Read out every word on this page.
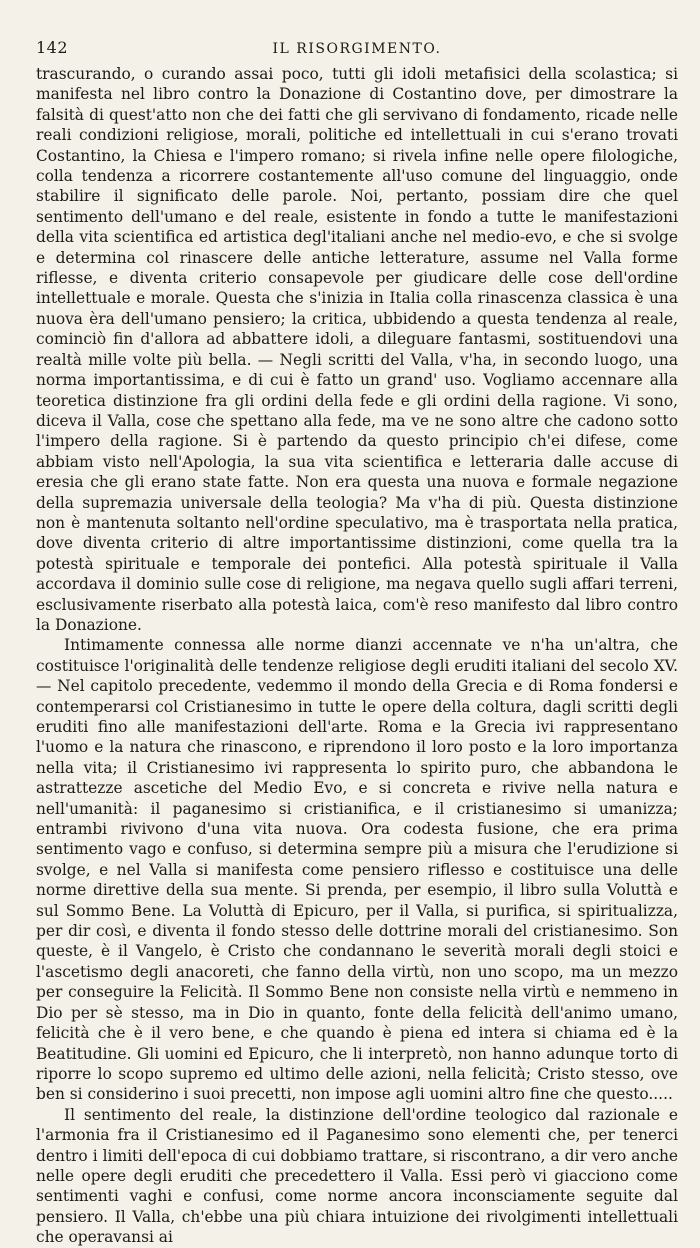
142	IL RISORGIMENTO.

trascurando, o curando assai poco, tutti gli idoli metafisici della scolastica; si manifesta nel libro contro la Donazione di Costantino dove, per dimostrare la falsità di quest'atto non che dei fatti che gli servivano di fondamento, ricade nelle reali condizioni religiose, morali, politiche ed intellettuali in cui s'erano trovati Costantino, la Chiesa e l'impero romano; si rivela infine nelle opere filologiche, colla tendenza a ricorrere costantemente all'uso comune del linguaggio, onde stabilire il significato delle parole. Noi, pertanto, possiam dire che quel sentimento dell'umano e del reale, esistente in fondo a tutte le manifestazioni della vita scientifica ed artistica degl'italiani anche nel medio-evo, e che si svolge e determina col rinascere delle antiche letterature, assume nel Valla forme riflesse, e diventa criterio consapevole per giudicare delle cose dell'ordine intellettuale e morale. Questa che s'inizia in Italia colla rinascenza classica è una nuova èra dell'umano pensiero; la critica, ubbidendo a questa tendenza al reale, cominciò fin d'allora ad abbattere idoli, a dileguare fantasmi, sostituendovi una realtà mille volte più bella. — Negli scritti del Valla, v'ha, in secondo luogo, una norma importantissima, e di cui è fatto un grand' uso. Vogliamo accennare alla teoretica distinzione fra gli ordini della fede e gli ordini della ragione. Vi sono, diceva il Valla, cose che spettano alla fede, ma ve ne sono altre che cadono sotto l'impero della ragione. Si è partendo da questo principio ch'ei difese, come abbiam visto nell'Apologia, la sua vita scientifica e letteraria dalle accuse di eresia che gli erano state fatte. Non era questa una nuova e formale negazione della supremazia universale della teologia? Ma v'ha di più. Questa distinzione non è mantenuta soltanto nell'ordine speculativo, ma è trasportata nella pratica, dove diventa criterio di altre importantissime distinzioni, come quella tra la potestà spirituale e temporale dei pontefici. Alla potestà spirituale il Valla accordava il dominio sulle cose di religione, ma negava quello sugli affari terreni, esclusivamente riserbato alla potestà laica, com'è reso manifesto dal libro contro la Donazione.

Intimamente connessa alle norme dianzi accennate ve n'ha un'altra, che costituisce l'originalità delle tendenze religiose degli eruditi italiani del secolo XV. — Nel capitolo precedente, vedemmo il mondo della Grecia e di Roma fondersi e contemperarsi col Cristianesimo in tutte le opere della coltura, dagli scritti degli eruditi fino alle manifestazioni dell'arte. Roma e la Grecia ivi rappresentano l'uomo e la natura che rinascono, e riprendono il loro posto e la loro importanza nella vita; il Cristianesimo ivi rappresenta lo spirito puro, che abbandona le astrattezze ascetiche del Medio Evo, e si concreta e rivive nella natura e nell'umanità: il paganesimo si cristianifica, e il cristianesimo si umanizza; entrambi rivivono d'una vita nuova. Ora codesta fusione, che era prima sentimento vago e confuso, si determina sempre più a misura che l'erudizione si svolge, e nel Valla si manifesta come pensiero riflesso e costituisce una delle norme direttive della sua mente. Si prenda, per esempio, il libro sulla Voluttà e sul Sommo Bene. La Voluttà di Epicuro, per il Valla, si purifica, si spiritualizza, per dir così, e diventa il fondo stesso delle dottrine morali del cristianesimo. Son queste, è il Vangelo, è Cristo che condannano le severità morali degli stoici e l'ascetismo degli anacoreti, che fanno della virtù, non uno scopo, ma un mezzo per conseguire la Felicità. Il Sommo Bene non consiste nella virtù e nemmeno in Dio per sè stesso, ma in Dio in quanto, fonte della felicità dell'animo umano, felicità che è il vero bene, e che quando è piena ed intera si chiama ed è la Beatitudine. Gli uomini ed Epicuro, che li interpretò, non hanno adunque torto di riporre lo scopo supremo ed ultimo delle azioni, nella felicità; Cristo stesso, ove ben si considerino i suoi precetti, non impose agli uomini altro fine che questo.....

Il sentimento del reale, la distinzione dell'ordine teologico dal razionale e l'armonia fra il Cristianesimo ed il Paganesimo sono elementi che, per tenerci dentro i limiti dell'epoca di cui dobbiamo trattare, si riscontrano, a dir vero anche nelle opere degli eruditi che precedettero il Valla. Essi però vi giacciono come sentimenti vaghi e confusi, come norme ancora inconsciamente seguite dal pensiero. Il Valla, ch'ebbe una più chiara intuizione dei rivolgimenti intellettuali che operavansi ai
